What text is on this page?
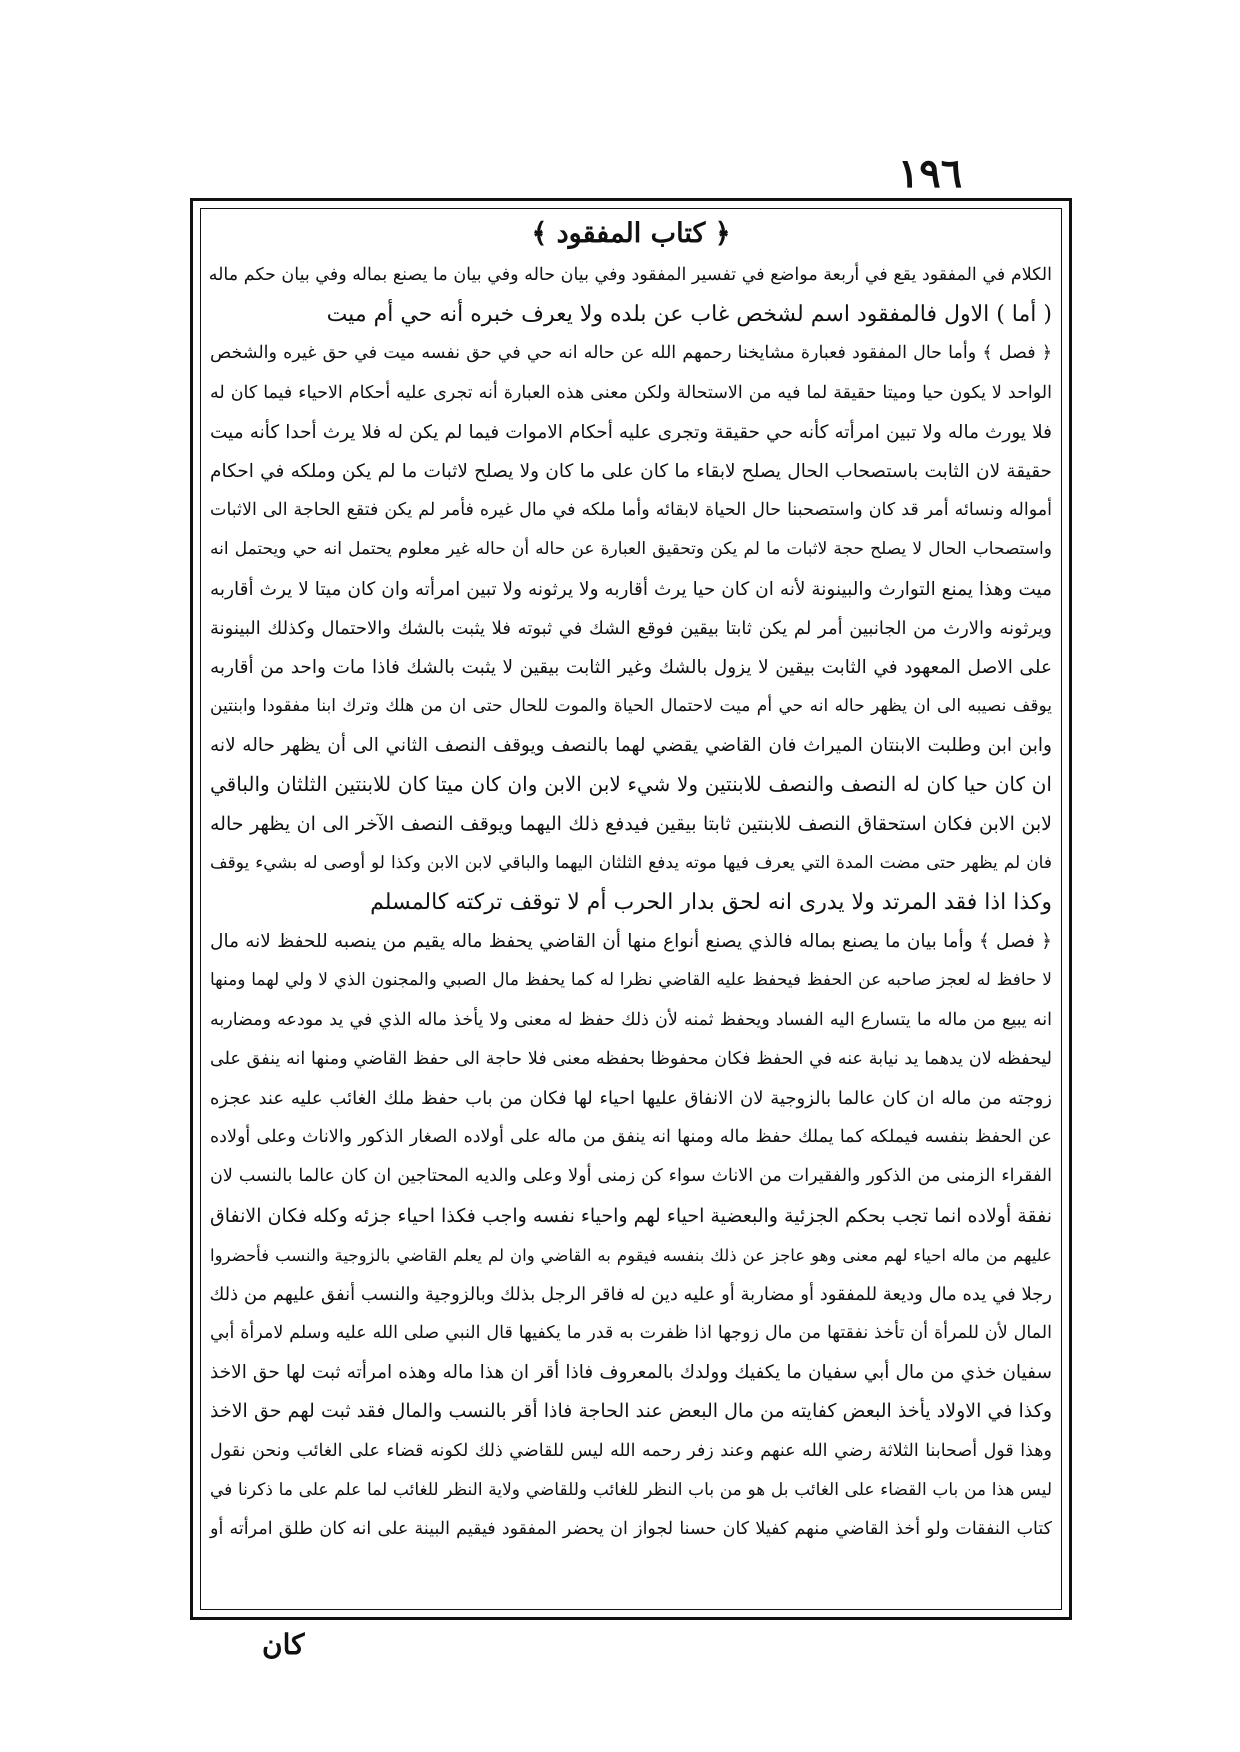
١٩٦
﴿ كتاب المفقود ﴾
الكلام في المفقود يقع في أربعة مواضع في تفسير المفقود وفي بيان حاله وفي بيان ما يصنع بماله وفي بيان حكم ماله
( أما ) الاول فالمفقود اسم لشخص غاب عن بلده ولا يعرف خبره أنه حي أم ميت
﴿ فصل ﴾ وأما حال المفقود فعبارة مشايخنا رحمهم الله عن حاله انه حي في حق نفسه ميت في حق غيره والشخص
الواحد لا يكون حيا وميتا حقيقة لما فيه من الاستحالة ولكن معنى هذه العبارة أنه تجرى عليه أحكام الاحياء فيما كان له
فلا يورث ماله ولا تبين امرأته كأنه حي حقيقة وتجرى عليه أحكام الاموات فيما لم يكن له فلا يرث أحدا كأنه ميت
حقيقة لان الثابت باستصحاب الحال يصلح لابقاء ما كان على ما كان ولا يصلح لاثبات ما لم يكن وملكه في احكام
أمواله ونسائه أمر قد كان واستصحبنا حال الحياة لابقائه وأما ملكه في مال غيره فأمر لم يكن فتقع الحاجة الى الاثبات
واستصحاب الحال لا يصلح حجة لاثبات ما لم يكن وتحقيق العبارة عن حاله أن حاله غير معلوم يحتمل انه حي ويحتمل انه
ميت وهذا يمنع التوارث والبينونة لأنه ان كان حيا يرث أقاربه ولا يرثونه ولا تبين امرأته وان كان ميتا لا يرث أقاربه
ويرثونه والارث من الجانبين أمر لم يكن ثابتا بيقين فوقع الشك في ثبوته فلا يثبت بالشك والاحتمال وكذلك البينونة
على الاصل المعهود في الثابت بيقين لا يزول بالشك وغير الثابت بيقين لا يثبت بالشك فاذا مات واحد من أقاربه
يوقف نصيبه الى ان يظهر حاله انه حي أم ميت لاحتمال الحياة والموت للحال حتى ان من هلك وترك ابنا مفقودا وابنتين
وابن ابن وطلبت الابنتان الميراث فان القاضي يقضي لهما بالنصف ويوقف النصف الثاني الى أن يظهر حاله لانه
ان كان حيا كان له النصف والنصف للابنتين ولا شيء لابن الابن وان كان ميتا كان للابنتين الثلثان والباقي
لابن الابن فكان استحقاق النصف للابنتين ثابتا بيقين فيدفع ذلك اليهما ويوقف النصف الآخر الى ان يظهر حاله
فان لم يظهر حتى مضت المدة التي يعرف فيها موته يدفع الثلثان اليهما والباقي لابن الابن وكذا لو أوصى له بشيء يوقف
وكذا اذا فقد المرتد ولا يدرى انه لحق بدار الحرب أم لا توقف تركته كالمسلم
﴿ فصل ﴾ وأما بيان ما يصنع بماله فالذي يصنع أنواع منها أن القاضي يحفظ ماله يقيم من ينصبه للحفظ لانه مال
لا حافظ له لعجز صاحبه عن الحفظ فيحفظ عليه القاضي نظرا له كما يحفظ مال الصبي والمجنون الذي لا ولي لهما ومنها
انه يبيع من ماله ما يتسارع اليه الفساد ويحفظ ثمنه لأن ذلك حفظ له معنى ولا يأخذ ماله الذي في يد مودعه ومضاربه
ليحفظه لان يدهما يد نيابة عنه في الحفظ فكان محفوظا بحفظه معنى فلا حاجة الى حفظ القاضي ومنها انه ينفق على
زوجته من ماله ان كان عالما بالزوجية لان الانفاق عليها احياء لها فكان من باب حفظ ملك الغائب عليه عند عجزه
عن الحفظ بنفسه فيملكه كما يملك حفظ ماله ومنها انه ينفق من ماله على أولاده الصغار الذكور والاناث وعلى أولاده
الفقراء الزمنى من الذكور والفقيرات من الاناث سواء كن زمنى أولا وعلى والديه المحتاجين ان كان عالما بالنسب لان
نفقة أولاده انما تجب بحكم الجزئية والبعضية احياء لهم واحياء نفسه واجب فكذا احياء جزئه وكله فكان الانفاق
عليهم من ماله احياء لهم معنى وهو عاجز عن ذلك بنفسه فيقوم به القاضي وان لم يعلم القاضي بالزوجية والنسب فأحضروا
رجلا في يده مال وديعة للمفقود أو مضاربة أو عليه دين له فاقر الرجل بذلك وبالزوجية والنسب أنفق عليهم من ذلك
المال لأن للمرأة أن تأخذ نفقتها من مال زوجها اذا ظفرت به قدر ما يكفيها قال النبي صلى الله عليه وسلم لامرأة أبي
سفيان خذي من مال أبي سفيان ما يكفيك وولدك بالمعروف فاذا أقر ان هذا ماله وهذه امرأته ثبت لها حق الاخذ
وكذا في الاولاد يأخذ البعض كفايته من مال البعض عند الحاجة فاذا أقر بالنسب والمال فقد ثبت لهم حق الاخذ
وهذا قول أصحابنا الثلاثة رضي الله عنهم وعند زفر رحمه الله ليس للقاضي ذلك لكونه قضاء على الغائب ونحن نقول
ليس هذا من باب القضاء على الغائب بل هو من باب النظر للغائب وللقاضي ولاية النظر للغائب لما علم على ما ذكرنا في
كتاب النفقات ولو أخذ القاضي منهم كفيلا كان حسنا لجواز ان يحضر المفقود فيقيم البينة على انه كان طلق امرأته أو
كان
